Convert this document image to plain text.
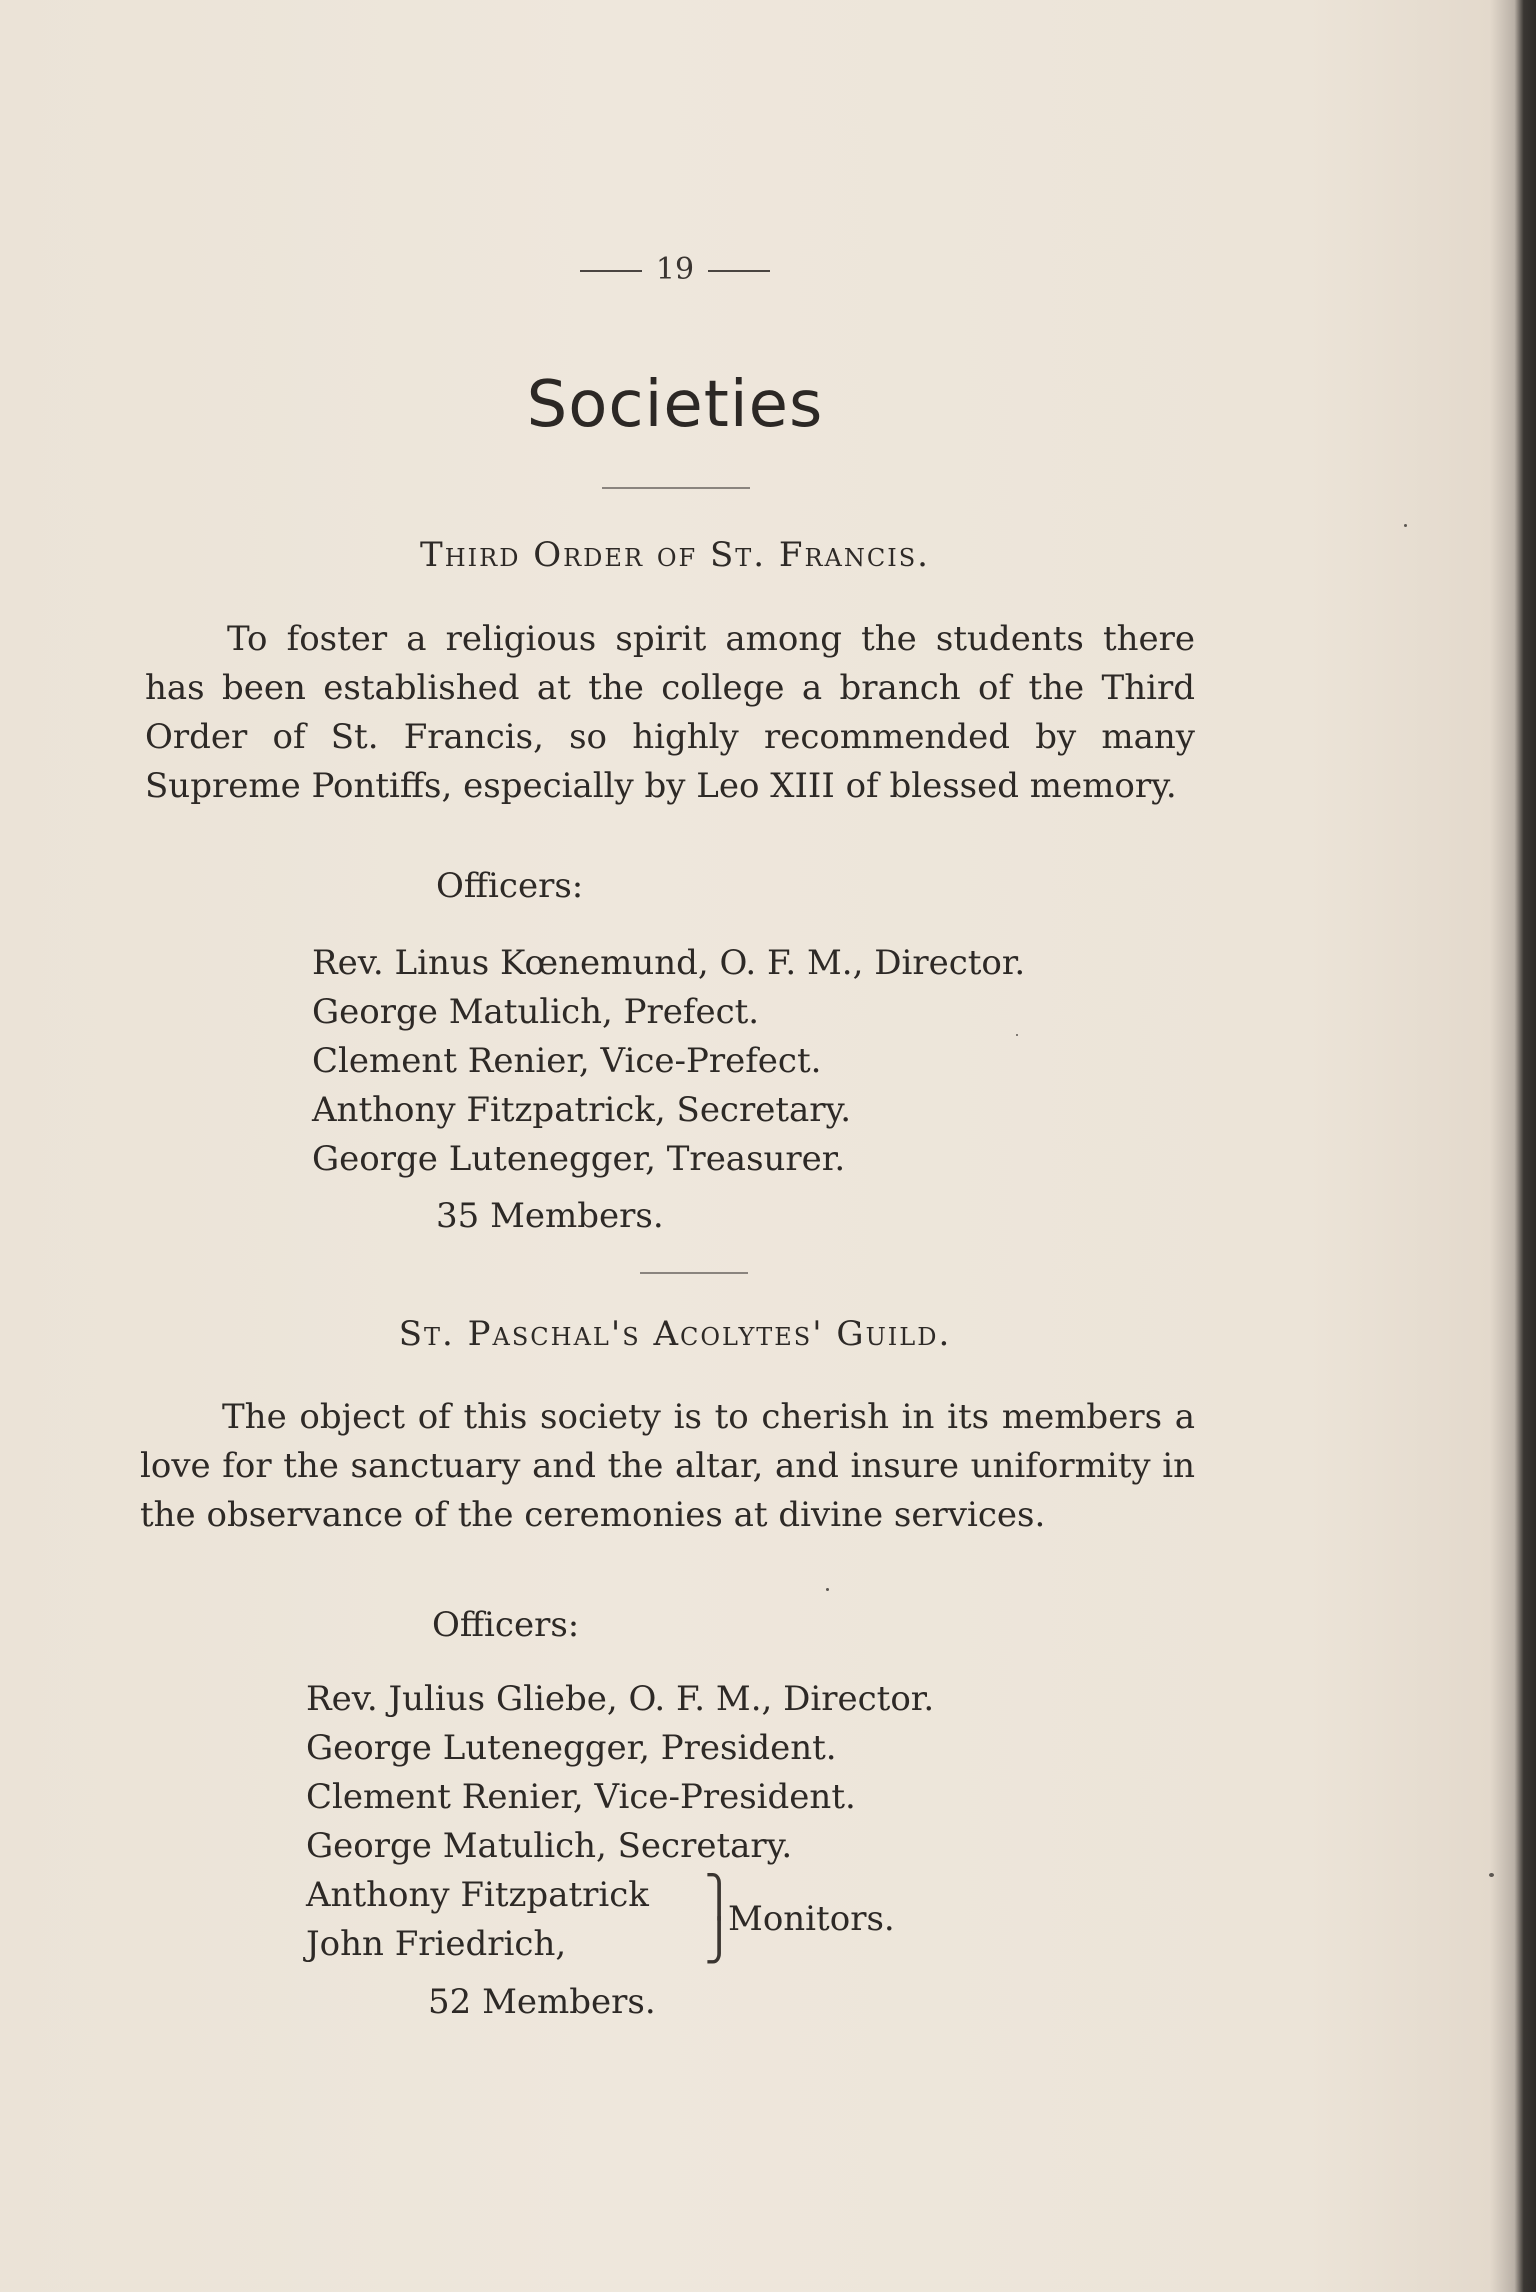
19
Societies
Third Order of St. Francis.
To foster a religious spirit among the students there has been established at the college a branch of the Third Order of St. Francis, so highly recommended by many Supreme Pontiffs, especially by Leo XIII of blessed memory.
Officers:
Rev. Linus Kœnemund, O. F. M., Director.
George Matulich, Prefect.
Clement Renier, Vice-Prefect.
Anthony Fitzpatrick, Secretary.
George Lutenegger, Treasurer.
35 Members.
St. Paschal's Acolytes' Guild.
The object of this society is to cherish in its members a love for the sanctuary and the altar, and insure uniformity in the observance of the ceremonies at divine services.
Officers:
Rev. Julius Gliebe, O. F. M., Director.
George Lutenegger, President.
Clement Renier, Vice-President.
George Matulich, Secretary.
Anthony Fitzpatrick
John Friedrich,
⎫
⎭
Monitors.
52 Members.
